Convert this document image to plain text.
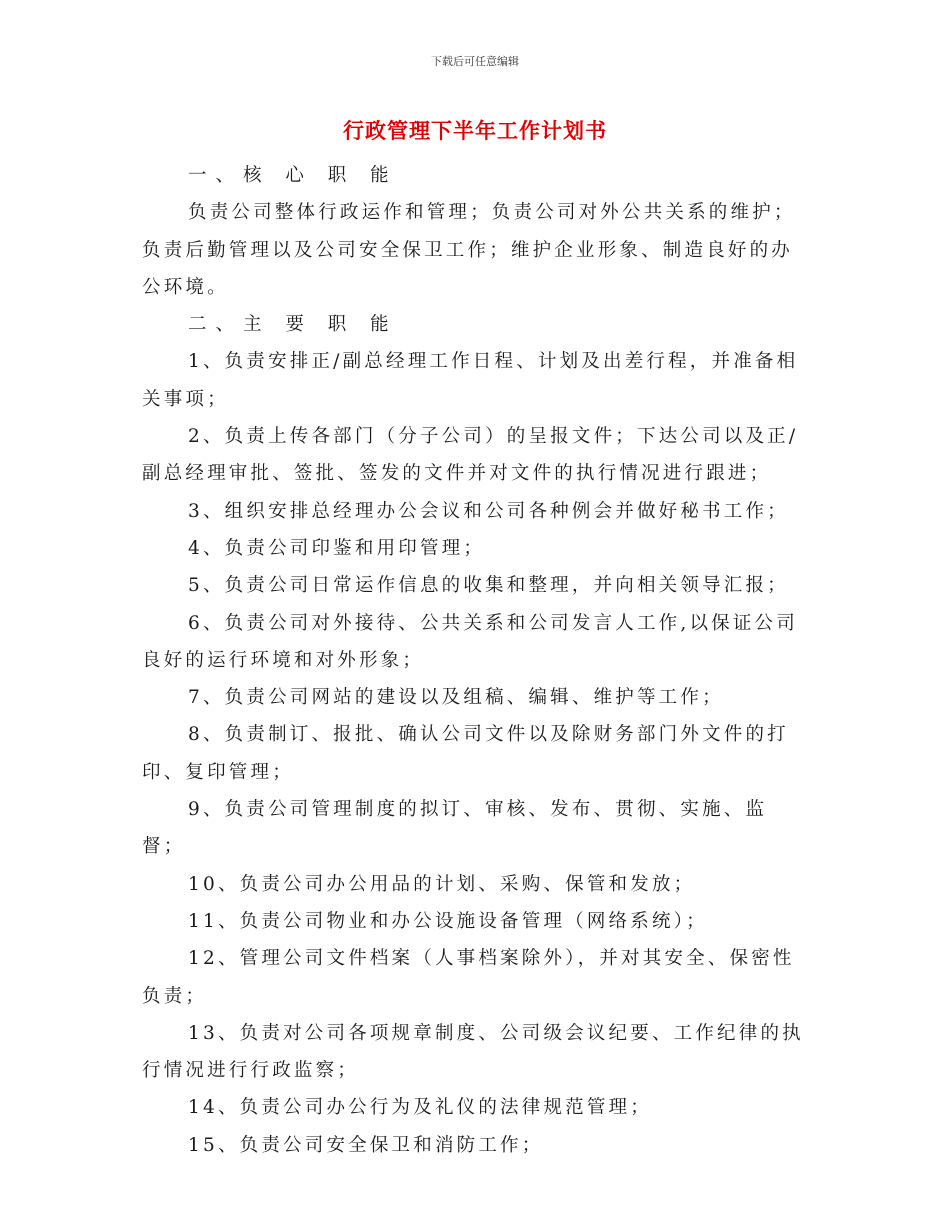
下载后可任意编辑
行政管理下半年工作计划书

一、核 心 职 能

负责公司整体行政运作和管理；负责公司对外公共关系的维护；负责后勤管理以及公司安全保卫工作；维护企业形象、制造良好的办公环境。

二、主 要 职 能

1、负责安排正/副总经理工作日程、计划及出差行程，并准备相关事项；

2、负责上传各部门（分子公司）的呈报文件；下达公司以及正/副总经理审批、签批、签发的文件并对文件的执行情况进行跟进；

3、组织安排总经理办公会议和公司各种例会并做好秘书工作；

4、负责公司印鉴和用印管理；

5、负责公司日常运作信息的收集和整理，并向相关领导汇报；

6、负责公司对外接待、公共关系和公司发言人工作,以保证公司良好的运行环境和对外形象；

7、负责公司网站的建设以及组稿、编辑、维护等工作；

8、负责制订、报批、确认公司文件以及除财务部门外文件的打印、复印管理；

9、负责公司管理制度的拟订、审核、发布、贯彻、实施、监督；

10、负责公司办公用品的计划、采购、保管和发放；

11、负责公司物业和办公设施设备管理（网络系统）；

12、管理公司文件档案（人事档案除外），并对其安全、保密性负责；

13、负责对公司各项规章制度、公司级会议纪要、工作纪律的执行情况进行行政监察；

14、负责公司办公行为及礼仪的法律规范管理；

15、负责公司安全保卫和消防工作；
